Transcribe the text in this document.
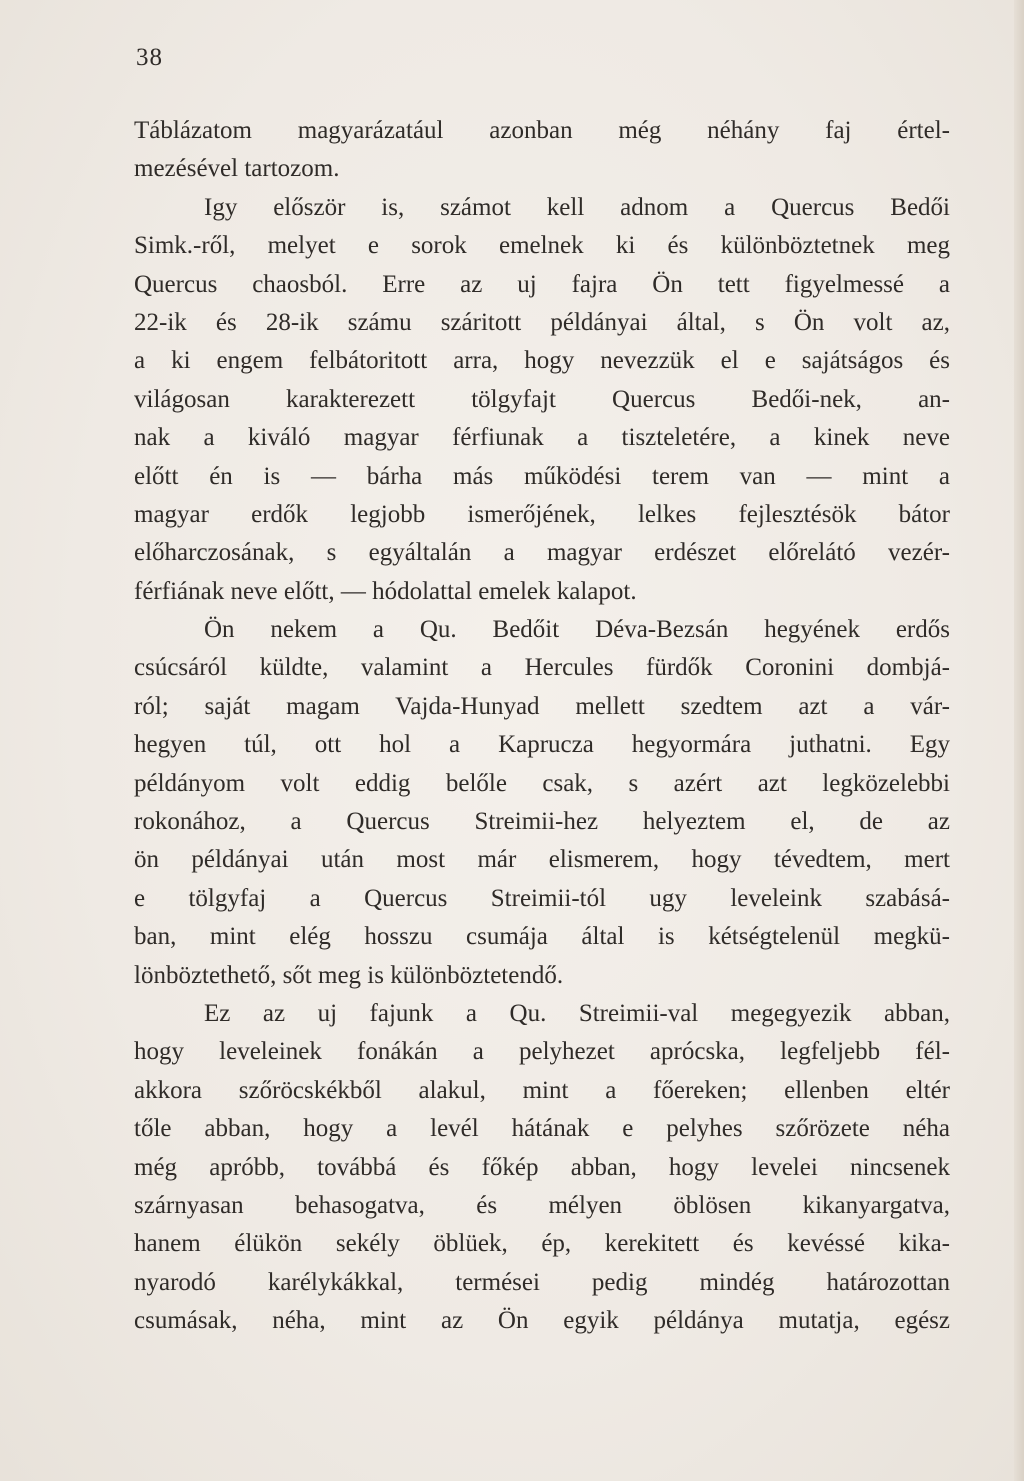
38
Táblázatom magyarázatául azonban még néhány faj értel-
mezésével tartozom.
Igy először is, számot kell adnom a Quercus Bedői
Simk.-ről, melyet e sorok emelnek ki és különböztetnek meg
Quercus chaosból. Erre az uj fajra Ön tett figyelmessé a
22-ik és 28-ik számu száritott példányai által, s Ön volt az,
a ki engem felbátoritott arra, hogy nevezzük el e sajátságos és
világosan karakterezett tölgyfajt Quercus Bedői-nek, an-
nak a kiváló magyar férfiunak a tiszteletére, a kinek neve
előtt én is — bárha más működési terem van — mint a
magyar erdők legjobb ismerőjének, lelkes fejlesztésök bátor
előharczosának, s egyáltalán a magyar erdészet előrelátó vezér-
férfiának neve előtt, — hódolattal emelek kalapot.
Ön nekem a Qu. Bedőit Déva-Bezsán hegyének erdős
csúcsáról küldte, valamint a Hercules fürdők Coronini dombjá-
ról; saját magam Vajda-Hunyad mellett szedtem azt a vár-
hegyen túl, ott hol a Kaprucza hegyormára juthatni. Egy
példányom volt eddig belőle csak, s azért azt legközelebbi
rokonához, a Quercus Streimii-hez helyeztem el, de az
ön példányai után most már elismerem, hogy tévedtem, mert
e tölgyfaj a Quercus Streimii-tól ugy leveleink szabásá-
ban, mint elég hosszu csumája által is kétségtelenül megkü-
lönböztethető, sőt meg is különböztetendő.
Ez az uj fajunk a Qu. Streimii-val megegyezik abban,
hogy leveleinek fonákán a pelyhezet aprócska, legfeljebb fél-
akkora szőröcskékből alakul, mint a főereken; ellenben eltér
tőle abban, hogy a levél hátának e pelyhes szőrözete néha
még apróbb, továbbá és főkép abban, hogy levelei nincsenek
szárnyasan behasogatva, és mélyen öblösen kikanyargatva,
hanem élükön sekély öblüek, ép, kerekitett és kevéssé kika-
nyarodó karélykákkal, termései pedig mindég határozottan
csumásak, néha, mint az Ön egyik példánya mutatja, egész
